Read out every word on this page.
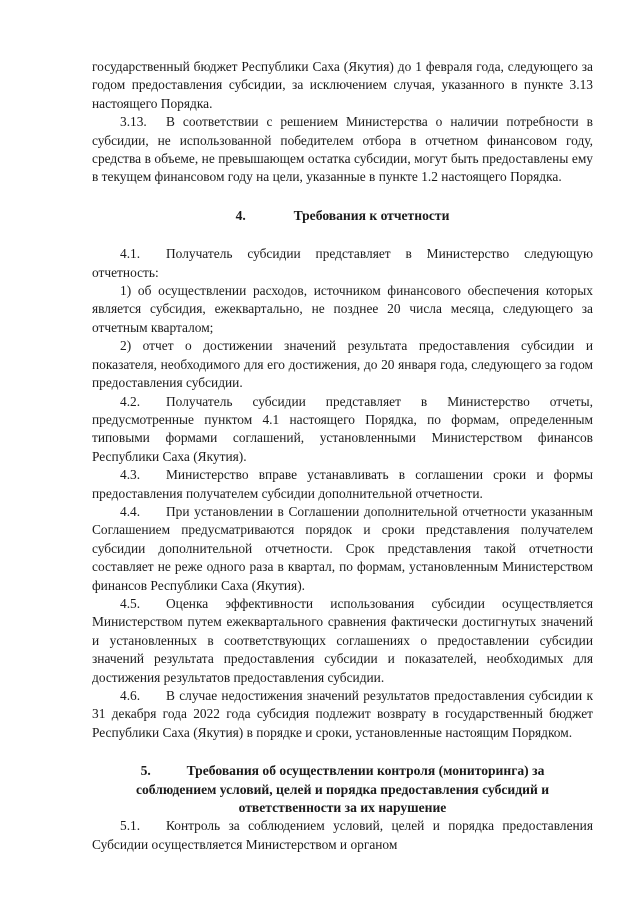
государственный бюджет Республики Саха (Якутия) до 1 февраля года, следующего за годом предоставления субсидии, за исключением случая, указанного в пункте 3.13 настоящего Порядка.

3.13. В соответствии с решением Министерства о наличии потребности в субсидии, не использованной победителем отбора в отчетном финансовом году, средства в объеме, не превышающем остатка субсидии, могут быть предоставлены ему в текущем финансовом году на цели, указанные в пункте 1.2 настоящего Порядка.

4.	Требования к отчетности

4.1. Получатель субсидии представляет в Министерство следующую отчетность:

1) об осуществлении расходов, источником финансового обеспечения которых является субсидия, ежеквартально, не позднее 20 числа месяца, следующего за отчетным кварталом;

2) отчет о достижении значений результата предоставления субсидии и показателя, необходимого для его достижения, до 20 января года, следующего за годом предоставления субсидии.

4.2. Получатель субсидии представляет в Министерство отчеты, предусмотренные пунктом 4.1 настоящего Порядка, по формам, определенным типовыми формами соглашений, установленными Министерством финансов Республики Саха (Якутия).

4.3. Министерство вправе устанавливать в соглашении сроки и формы предоставления получателем субсидии дополнительной отчетности.

4.4. При установлении в Соглашении дополнительной отчетности указанным Соглашением предусматриваются порядок и сроки представления получателем субсидии дополнительной отчетности. Срок представления такой отчетности составляет не реже одного раза в квартал, по формам, установленным Министерством финансов Республики Саха (Якутия).

4.5. Оценка эффективности использования субсидии осуществляется Министерством путем ежеквартального сравнения фактически достигнутых значений и установленных в соответствующих соглашениях о предоставлении субсидии значений результата предоставления субсидии и показателей, необходимых для достижения результатов предоставления субсидии.

4.6. В случае недостижения значений результатов предоставления субсидии к 31 декабря года 2022 года субсидия подлежит возврату в государственный бюджет Республики Саха (Якутия) в порядке и сроки, установленные настоящим Порядком.

5.	Требования об осуществлении контроля (мониторинга) за
соблюдением условий, целей и порядка предоставления субсидий и
ответственности за их нарушение

5.1. Контроль за соблюдением условий, целей и порядка предоставления Субсидии осуществляется Министерством и органом
